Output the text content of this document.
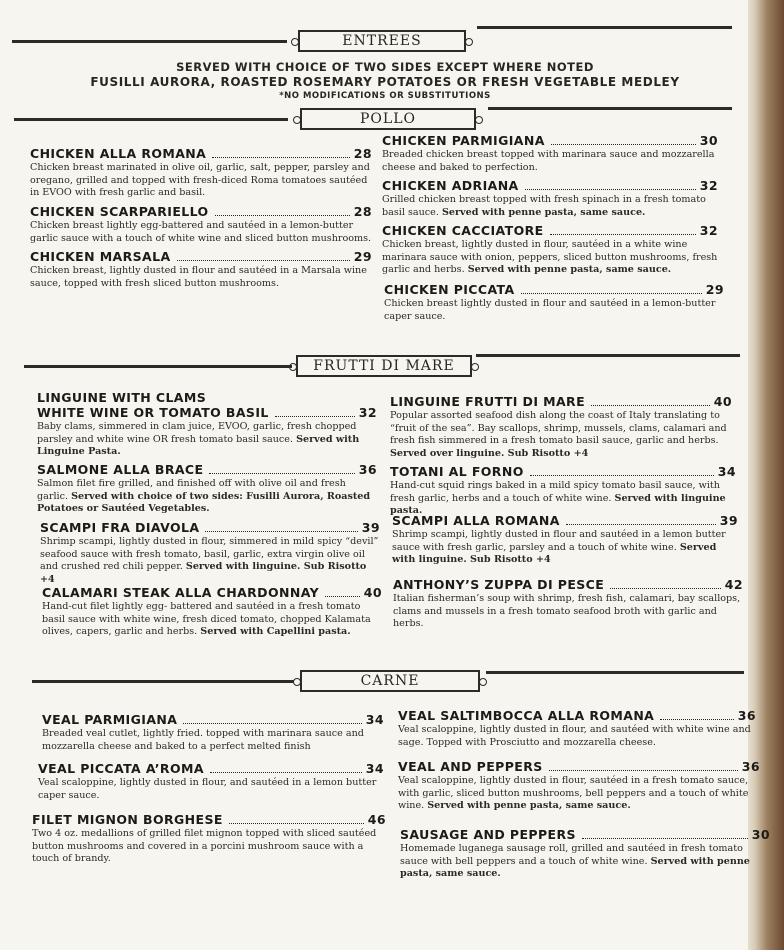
ENTREES
SERVED WITH CHOICE OF TWO SIDES EXCEPT WHERE NOTED
FUSILLI AURORA, ROASTED ROSEMARY POTATOES OR FRESH VEGETABLE MEDLEY
*NO MODIFICATIONS OR SUBSTITUTIONS
POLLO
CHICKEN ALLA ROMANA	28
Chicken breast marinated in olive oil, garlic, salt, pepper, parsley and oregano, grilled and topped with fresh-diced Roma tomatoes sautéed in EVOO with fresh garlic and basil.
CHICKEN SCARPARIELLO	28
Chicken breast lightly egg-battered and sautéed in a lemon-butter garlic sauce with a touch of white wine and sliced button mushrooms.
CHICKEN MARSALA	29
Chicken breast, lightly dusted in flour and sautéed in a Marsala wine sauce, topped with fresh sliced button mushrooms.
CHICKEN PARMIGIANA	30
Breaded chicken breast topped with marinara sauce and mozzarella cheese and baked to perfection.
CHICKEN ADRIANA	32
Grilled chicken breast topped with fresh spinach in a fresh tomato basil sauce. Served with penne pasta, same sauce.
CHICKEN CACCIATORE	32
Chicken breast, lightly dusted in flour, sautéed in a white wine marinara sauce with onion, peppers, sliced button mushrooms, fresh garlic and herbs. Served with penne pasta, same sauce.
CHICKEN PICCATA	29
Chicken breast lightly dusted in flour and sautéed in a lemon-butter caper sauce.
FRUTTI DI MARE
LINGUINE WITH CLAMS
WHITE WINE OR TOMATO BASIL	32
Baby clams, simmered in clam juice, EVOO, garlic, fresh chopped parsley and white wine OR fresh tomato basil sauce. Served with Linguine Pasta.
SALMONE ALLA BRACE	36
Salmon filet fire grilled, and finished off with olive oil and fresh garlic. Served with choice of two sides: Fusilli Aurora, Roasted Potatoes or Sautéed Vegetables.
SCAMPI FRA DIAVOLA	39
Shrimp scampi, lightly dusted in flour, simmered in mild spicy “devil” seafood sauce with fresh tomato, basil, garlic, extra virgin olive oil and crushed red chili pepper. Served with linguine. Sub Risotto +4
CALAMARI STEAK ALLA CHARDONNAY	40
Hand-cut filet lightly egg- battered and sautéed in a fresh tomato basil sauce with white wine, fresh diced tomato, chopped Kalamata olives, capers, garlic and herbs. Served with Capellini pasta.
LINGUINE FRUTTI DI MARE	40
Popular assorted seafood dish along the coast of Italy translating to “fruit of the sea”. Bay scallops, shrimp, mussels, clams, calamari and fresh fish simmered in a fresh tomato basil sauce, garlic and herbs. Served over linguine. Sub Risotto +4
TOTANI AL FORNO	34
Hand-cut squid rings baked in a mild spicy tomato basil sauce, with fresh garlic, herbs and a touch of white wine. Served with linguine pasta.
SCAMPI ALLA ROMANA	39
Shrimp scampi, lightly dusted in flour and sautéed in a lemon butter sauce with fresh garlic, parsley and a touch of white wine. Served with linguine. Sub Risotto +4
ANTHONY’S ZUPPA DI PESCE	42
Italian fisherman’s soup with shrimp, fresh fish, calamari, bay scallops, clams and mussels in a fresh tomato seafood broth with garlic and herbs.
CARNE
VEAL PARMIGIANA	34
Breaded veal cutlet, lightly fried. topped with marinara sauce and mozzarella cheese and baked to a perfect melted finish
VEAL PICCATA A’ROMA	34
Veal scaloppine, lightly dusted in flour, and sautéed in a lemon butter caper sauce.
FILET MIGNON BORGHESE	46
Two 4 oz. medallions of grilled filet mignon topped with sliced sautéed button mushrooms and covered in a porcini mushroom sauce with a touch of brandy.
VEAL SALTIMBOCCA ALLA ROMANA	36
Veal scaloppine, lightly dusted in flour, and sautéed with white wine and sage. Topped with Prosciutto and mozzarella cheese.
VEAL AND PEPPERS	36
Veal scaloppine, lightly dusted in flour, sautéed in a fresh tomato sauce, with garlic, sliced button mushrooms, bell peppers and a touch of white wine. Served with penne pasta, same sauce.
SAUSAGE AND PEPPERS	30
Homemade luganega sausage roll, grilled and sautéed in fresh tomato sauce with bell peppers and a touch of white wine. Served with penne pasta, same sauce.
